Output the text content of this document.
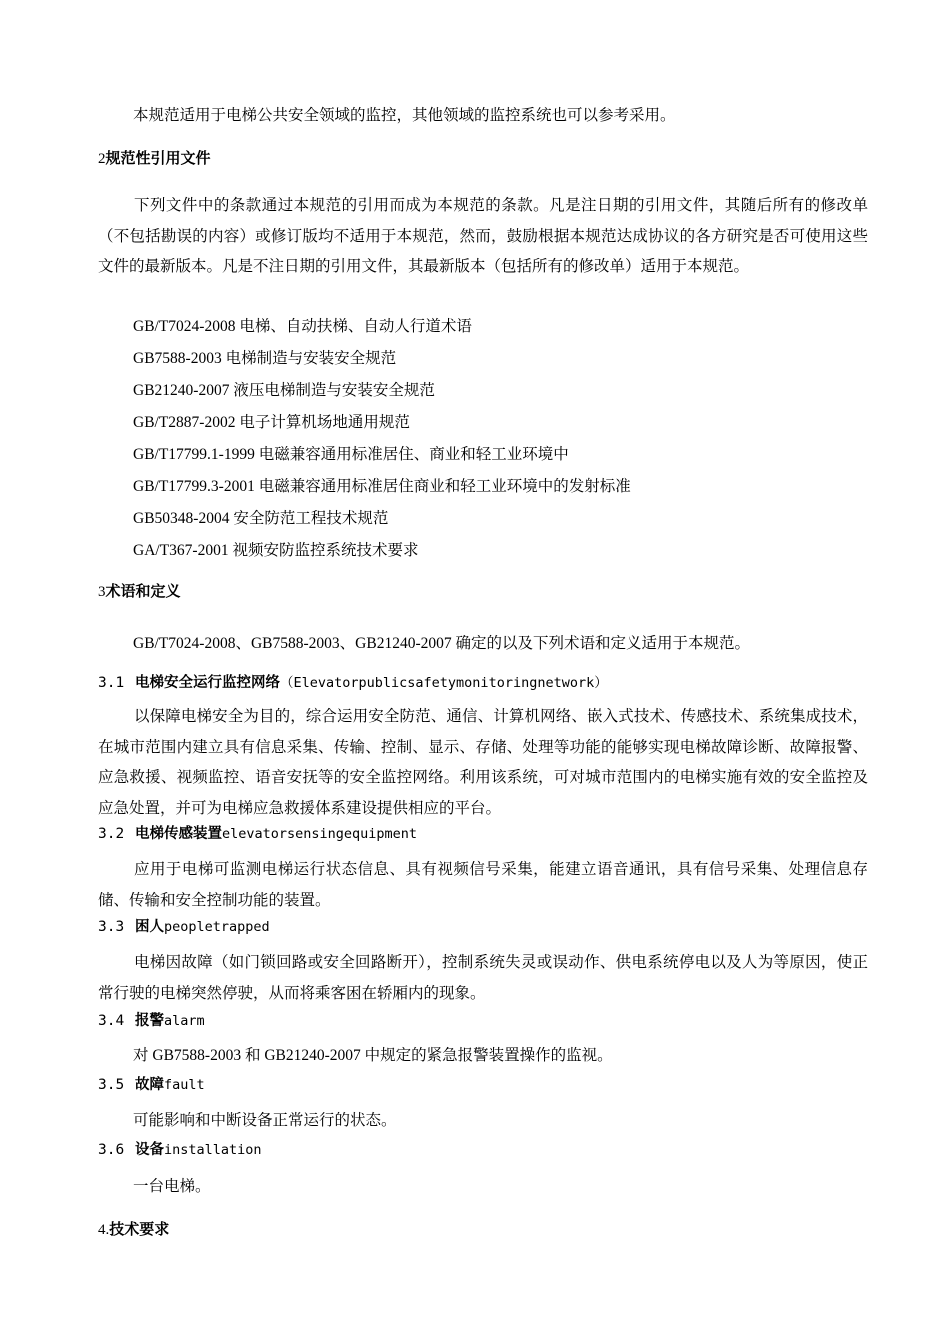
本规范适用于电梯公共安全领域的监控，其他领域的监控系统也可以参考采用。
2规范性引用文件
下列文件中的条款通过本规范的引用而成为本规范的条款。凡是注日期的引用文件，其随后所有的修改单（不包括勘误的内容）或修订版均不适用于本规范，然而，鼓励根据本规范达成协议的各方研究是否可使用这些文件的最新版本。凡是不注日期的引用文件，其最新版本（包括所有的修改单）适用于本规范。
GB/T7024-2008 电梯、自动扶梯、自动人行道术语
GB7588-2003 电梯制造与安装安全规范
GB21240-2007 液压电梯制造与安装安全规范
GB/T2887-2002 电子计算机场地通用规范
GB/T17799.1-1999 电磁兼容通用标准居住、商业和轻工业环境中
GB/T17799.3-2001 电磁兼容通用标准居住商业和轻工业环境中的发射标准
GB50348-2004 安全防范工程技术规范
GA/T367-2001 视频安防监控系统技术要求
3术语和定义
GB/T7024-2008、GB7588-2003、GB21240-2007 确定的以及下列术语和定义适用于本规范。
3.1 电梯安全运行监控网络（Elevatorpublicsafetymonitoringnetwork）
以保障电梯安全为目的，综合运用安全防范、通信、计算机网络、嵌入式技术、传感技术、系统集成技术，在城市范围内建立具有信息采集、传输、控制、显示、存储、处理等功能的能够实现电梯故障诊断、故障报警、应急救援、视频监控、语音安抚等的安全监控网络。利用该系统，可对城市范围内的电梯实施有效的安全监控及应急处置，并可为电梯应急救援体系建设提供相应的平台。
3.2 电梯传感装置elevatorsensingequipment
应用于电梯可监测电梯运行状态信息、具有视频信号采集，能建立语音通讯，具有信号采集、处理信息存储、传输和安全控制功能的装置。
3.3 困人peopletrapped
电梯因故障（如门锁回路或安全回路断开），控制系统失灵或误动作、供电系统停电以及人为等原因，使正常行驶的电梯突然停驶，从而将乘客困在轿厢内的现象。
3.4 报警alarm
对 GB7588-2003 和 GB21240-2007 中规定的紧急报警装置操作的监视。
3.5 故障fault
可能影响和中断设备正常运行的状态。
3.6 设备installation
一台电梯。
4.技术要求
